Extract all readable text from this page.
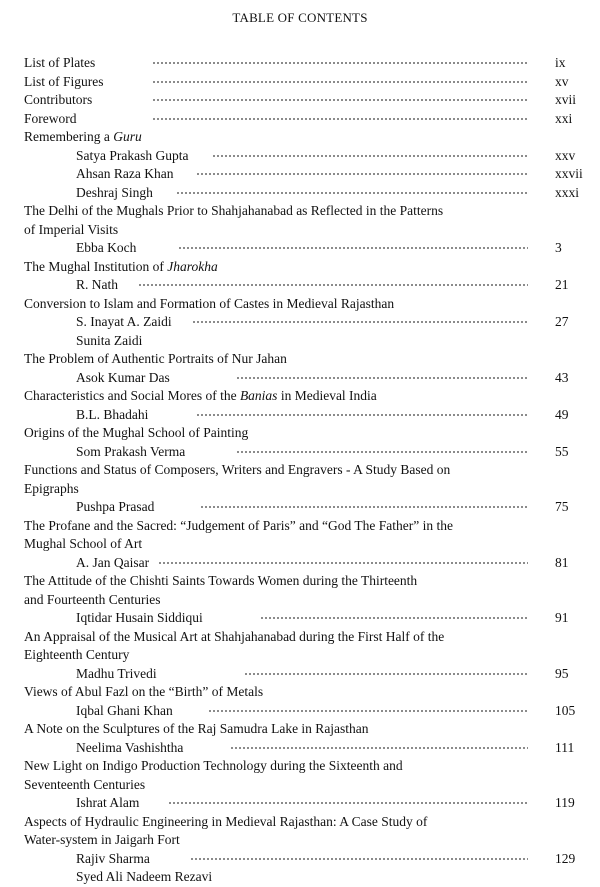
TABLE OF CONTENTS
List of Plates	ix
List of Figures	xv
Contributors	xvii
Foreword	xxi
Remembering a Guru
Satya Prakash Gupta	xxv
Ahsan Raza Khan	xxvii
Deshraj Singh	xxxi
The Delhi of the Mughals Prior to Shahjahanabad as Reflected in the Patterns
of Imperial Visits
Ebba Koch	3
The Mughal Institution of Jharokha
R. Nath	21
Conversion to Islam and Formation of Castes in Medieval Rajasthan
S. Inayat A. Zaidi	27
Sunita Zaidi
The Problem of Authentic Portraits of Nur Jahan
Asok Kumar Das	43
Characteristics and Social Mores of the Banias in Medieval India
B.L. Bhadahi	49
Origins of the Mughal School of Painting
Som Prakash Verma	55
Functions and Status of Composers, Writers and Engravers - A Study Based on
Epigraphs
Pushpa Prasad	75
The Profane and the Sacred: “Judgement of Paris” and “God The Father” in the
Mughal School of Art
A. Jan Qaisar	81
The Attitude of the Chishti Saints Towards Women during the Thirteenth
and Fourteenth Centuries
Iqtidar Husain Siddiqui	91
An Appraisal of the Musical Art at Shahjahanabad during the First Half of the
Eighteenth Century
Madhu Trivedi	95
Views of Abul Fazl on the “Birth” of Metals
Iqbal Ghani Khan	105
A Note on the Sculptures of the Raj Samudra Lake in Rajasthan
Neelima Vashishtha	111
New Light on Indigo Production Technology during the Sixteenth and
Seventeenth Centuries
Ishrat Alam	119
Aspects of Hydraulic Engineering in Medieval Rajasthan: A Case Study of
Water-system in Jaigarh Fort
Rajiv Sharma	129
Syed Ali Nadeem Rezavi
